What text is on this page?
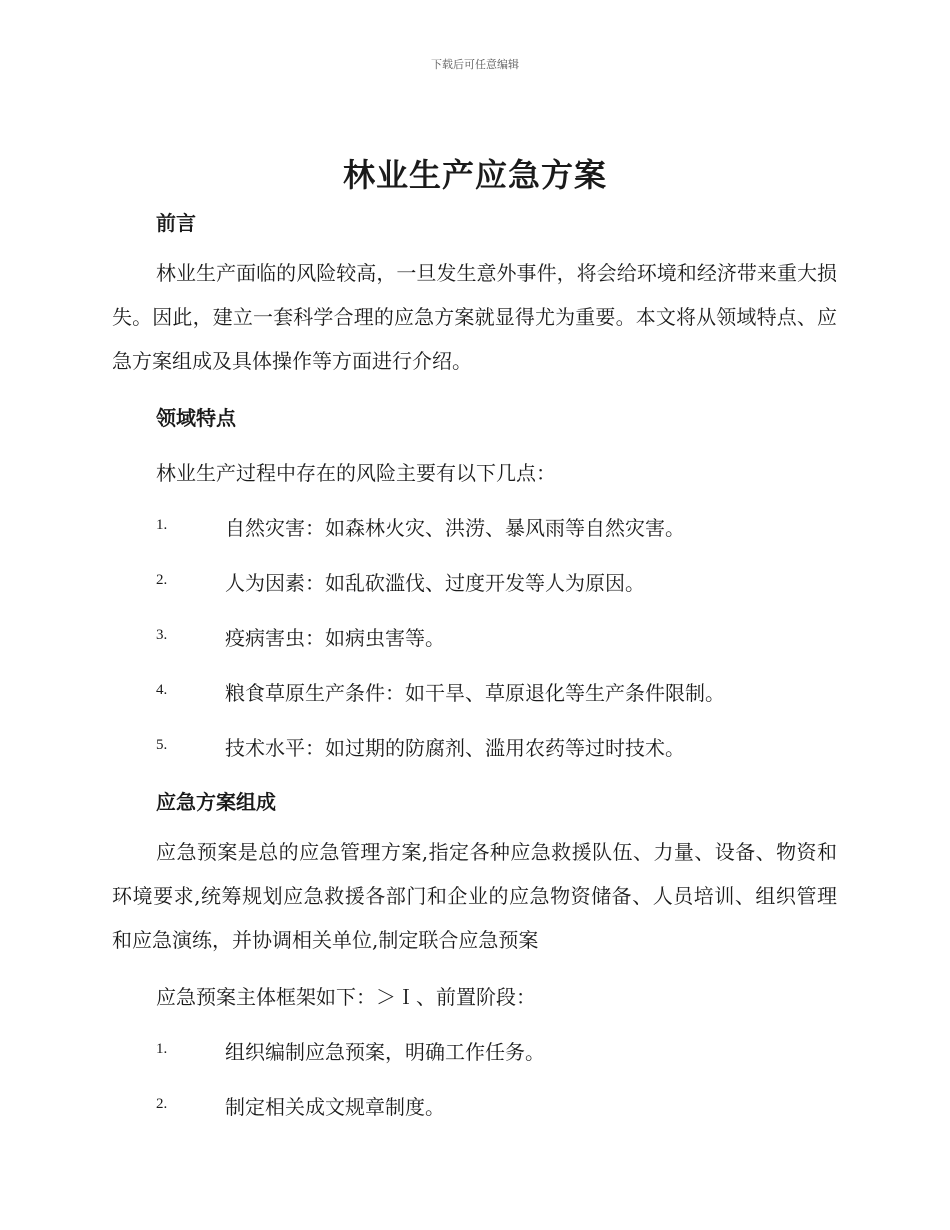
下载后可任意编辑
林业生产应急方案
前言
林业生产面临的风险较高，一旦发生意外事件，将会给环境和经济带来重大损失。因此，建立一套科学合理的应急方案就显得尤为重要。本文将从领域特点、应急方案组成及具体操作等方面进行介绍。
领域特点
林业生产过程中存在的风险主要有以下几点：
1.	自然灾害：如森林火灾、洪涝、暴风雨等自然灾害。
2.	人为因素：如乱砍滥伐、过度开发等人为原因。
3.	疫病害虫：如病虫害等。
4.	粮食草原生产条件：如干旱、草原退化等生产条件限制。
5.	技术水平：如过期的防腐剂、滥用农药等过时技术。
应急方案组成
应急预案是总的应急管理方案,指定各种应急救援队伍、力量、设备、物资和环境要求,统筹规划应急救援各部门和企业的应急物资储备、人员培训、组织管理和应急演练，并协调相关单位,制定联合应急预案
应急预案主体框架如下：＞Ｉ、前置阶段：
1.	组织编制应急预案，明确工作任务。
2.	制定相关成文规章制度。
